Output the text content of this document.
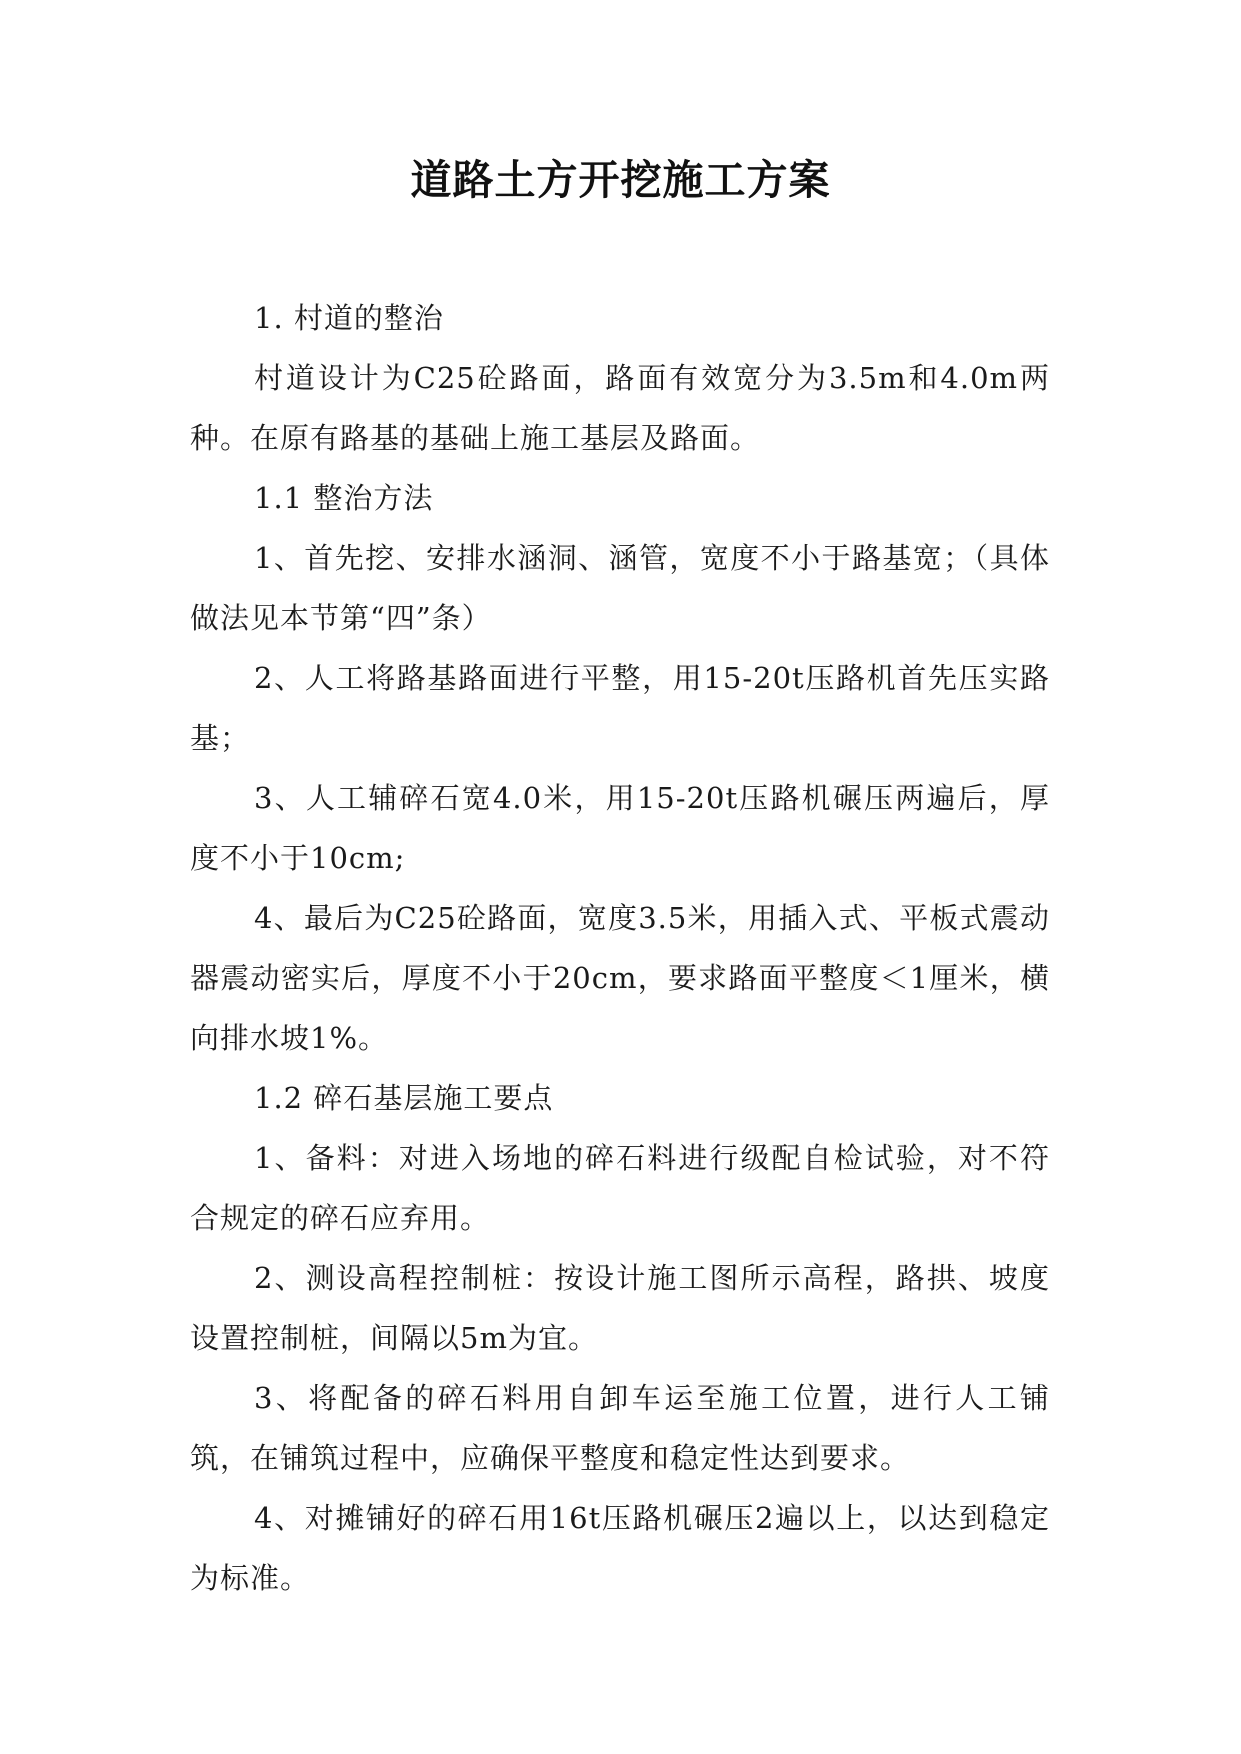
道路土方开挖施工方案

1. 村道的整治

村道设计为C25砼路面，路面有效宽分为3.5m和4.0m两种。在原有路基的基础上施工基层及路面。

1.1 整治方法

1、首先挖、安排水涵洞、涵管，宽度不小于路基宽；（具体做法见本节第“四”条）

2、人工将路基路面进行平整，用15-20t压路机首先压实路基；

3、人工辅碎石宽4.0米，用15-20t压路机碾压两遍后，厚度不小于10cm;

4、最后为C25砼路面，宽度3.5米，用插入式、平板式震动器震动密实后，厚度不小于20cm，要求路面平整度＜1厘米，横向排水坡1%。

1.2 碎石基层施工要点

1、备料：对进入场地的碎石料进行级配自检试验，对不符合规定的碎石应弃用。

2、测设高程控制桩：按设计施工图所示高程，路拱、坡度设置控制桩，间隔以5m为宜。

3、将配备的碎石料用自卸车运至施工位置，进行人工铺筑，在铺筑过程中，应确保平整度和稳定性达到要求。

4、对摊铺好的碎石用16t压路机碾压2遍以上，以达到稳定为标准。
